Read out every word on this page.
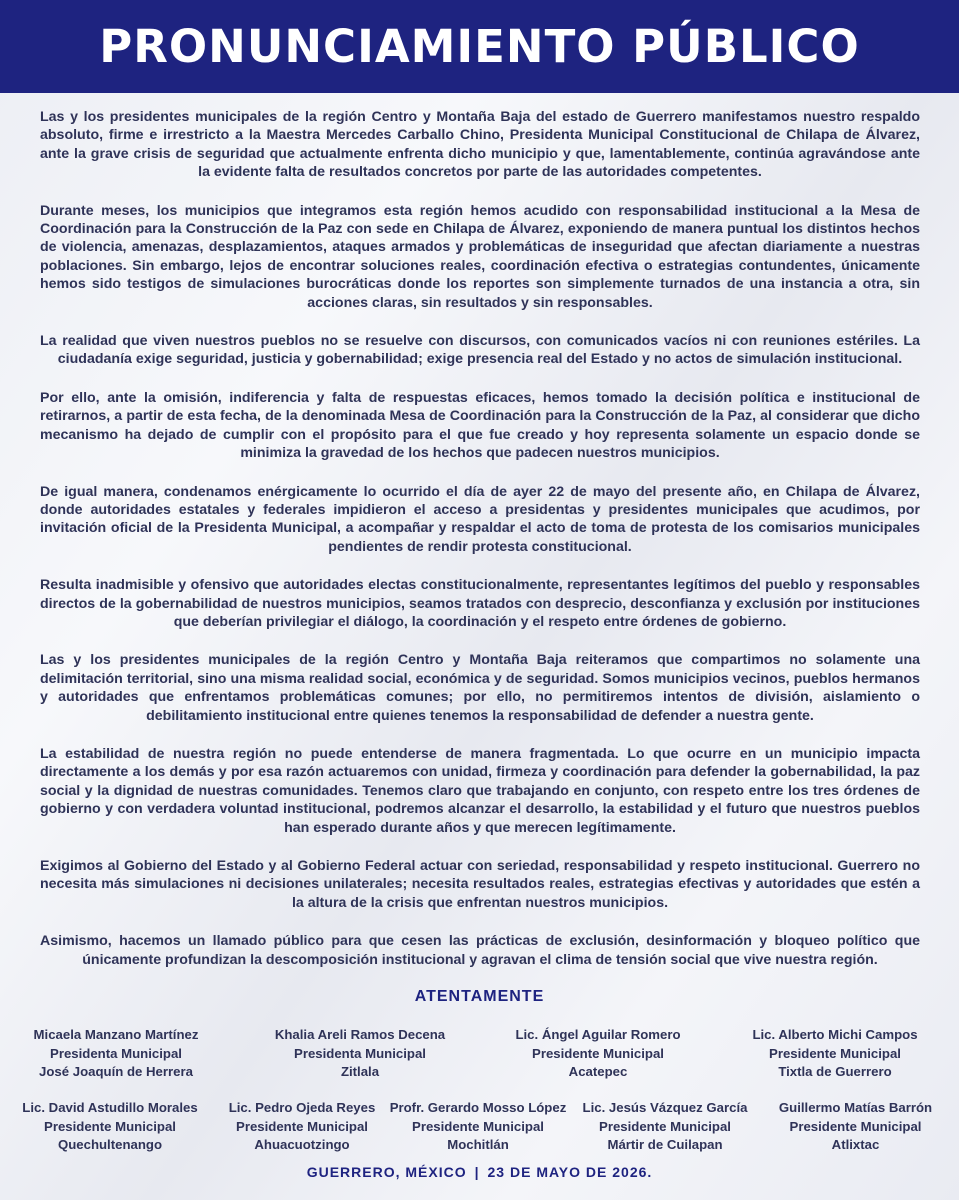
PRONUNCIAMIENTO PÚBLICO

Las y los presidentes municipales de la región Centro y Montaña Baja del estado de Guerrero manifestamos nuestro respaldo absoluto, firme e irrestricto a la Maestra Mercedes Carballo Chino, Presidenta Municipal Constitucional de Chilapa de Álvarez, ante la grave crisis de seguridad que actualmente enfrenta dicho municipio y que, lamentablemente, continúa agravándose ante la evidente falta de resultados concretos por parte de las autoridades competentes.

Durante meses, los municipios que integramos esta región hemos acudido con responsabilidad institucional a la Mesa de Coordinación para la Construcción de la Paz con sede en Chilapa de Álvarez, exponiendo de manera puntual los distintos hechos de violencia, amenazas, desplazamientos, ataques armados y problemáticas de inseguridad que afectan diariamente a nuestras poblaciones. Sin embargo, lejos de encontrar soluciones reales, coordinación efectiva o estrategias contundentes, únicamente hemos sido testigos de simulaciones burocráticas donde los reportes son simplemente turnados de una instancia a otra, sin acciones claras, sin resultados y sin responsables.

La realidad que viven nuestros pueblos no se resuelve con discursos, con comunicados vacíos ni con reuniones estériles. La ciudadanía exige seguridad, justicia y gobernabilidad; exige presencia real del Estado y no actos de simulación institucional.

Por ello, ante la omisión, indiferencia y falta de respuestas eficaces, hemos tomado la decisión política e institucional de retirarnos, a partir de esta fecha, de la denominada Mesa de Coordinación para la Construcción de la Paz, al considerar que dicho mecanismo ha dejado de cumplir con el propósito para el que fue creado y hoy representa solamente un espacio donde se minimiza la gravedad de los hechos que padecen nuestros municipios.

De igual manera, condenamos enérgicamente lo ocurrido el día de ayer 22 de mayo del presente año, en Chilapa de Álvarez, donde autoridades estatales y federales impidieron el acceso a presidentas y presidentes municipales que acudimos, por invitación oficial de la Presidenta Municipal, a acompañar y respaldar el acto de toma de protesta de los comisarios municipales pendientes de rendir protesta constitucional.

Resulta inadmisible y ofensivo que autoridades electas constitucionalmente, representantes legítimos del pueblo y responsables directos de la gobernabilidad de nuestros municipios, seamos tratados con desprecio, desconfianza y exclusión por instituciones que deberían privilegiar el diálogo, la coordinación y el respeto entre órdenes de gobierno.

Las y los presidentes municipales de la región Centro y Montaña Baja reiteramos que compartimos no solamente una delimitación territorial, sino una misma realidad social, económica y de seguridad. Somos municipios vecinos, pueblos hermanos y autoridades que enfrentamos problemáticas comunes; por ello, no permitiremos intentos de división, aislamiento o debilitamiento institucional entre quienes tenemos la responsabilidad de defender a nuestra gente.

La estabilidad de nuestra región no puede entenderse de manera fragmentada. Lo que ocurre en un municipio impacta directamente a los demás y por esa razón actuaremos con unidad, firmeza y coordinación para defender la gobernabilidad, la paz social y la dignidad de nuestras comunidades. Tenemos claro que trabajando en conjunto, con respeto entre los tres órdenes de gobierno y con verdadera voluntad institucional, podremos alcanzar el desarrollo, la estabilidad y el futuro que nuestros pueblos han esperado durante años y que merecen legítimamente.

Exigimos al Gobierno del Estado y al Gobierno Federal actuar con seriedad, responsabilidad y respeto institucional. Guerrero no necesita más simulaciones ni decisiones unilaterales; necesita resultados reales, estrategias efectivas y autoridades que estén a la altura de la crisis que enfrentan nuestros municipios.

Asimismo, hacemos un llamado público para que cesen las prácticas de exclusión, desinformación y bloqueo político que únicamente profundizan la descomposición institucional y agravan el clima de tensión social que vive nuestra región.

ATENTAMENTE
Micaela Manzano Martínez
Presidenta Municipal
José Joaquín de Herrera
Khalia Areli Ramos Decena
Presidenta Municipal
Zitlala
Lic. Ángel Aguilar Romero
Presidente Municipal
Acatepec
Lic. Alberto Michi Campos
Presidente Municipal
Tixtla de Guerrero
Lic. David Astudillo Morales
Presidente Municipal
Quechultenango
Lic. Pedro Ojeda Reyes
Presidente Municipal
Ahuacuotzingo
Profr. Gerardo Mosso López
Presidente Municipal
Mochitlán
Lic. Jesús Vázquez García
Presidente Municipal
Mártir de Cuilapan
Guillermo Matías Barrón
Presidente Municipal
Atlixtac
GUERRERO, MÉXICO | 23 DE MAYO DE 2026.
